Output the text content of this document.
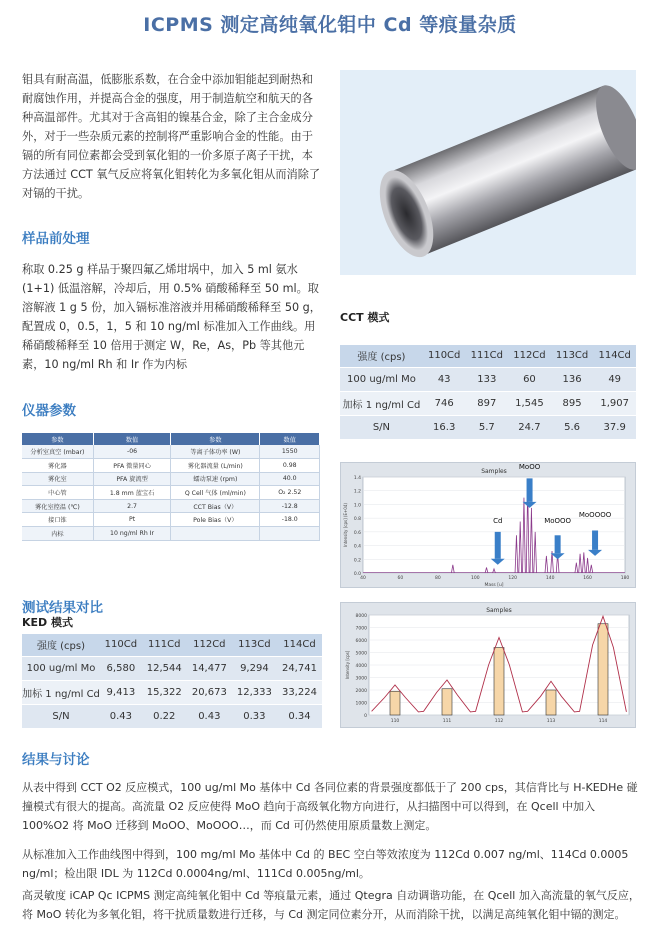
ICPMS 测定高纯氧化钼中 Cd 等痕量杂质
钼具有耐高温，低膨胀系数，在合金中添加钼能起到耐热和耐腐蚀作用，并提高合金的强度，用于制造航空和航天的各种高温部件。尤其对于含高钼的镍基合金，除了主合金成分外，对于一些杂质元素的控制将严重影响合金的性能。由于镉的所有同位素都会受到氧化钼的一价多原子离子干扰，本方法通过 CCT 氧气反应将氧化钼转化为多氧化钼从而消除了对镉的干扰。
样品前处理
称取 0.25 g 样品于聚四氟乙烯坩埚中，加入 5 ml 氨水 (1+1) 低温溶解，冷却后，用 0.5% 硝酸稀释至 50 ml。取溶解液 1 g 5 份，加入镉标准溶液并用稀硝酸稀释至 50 g，配置成 0，0.5，1，5 和 10 ng/ml 标准加入工作曲线。用稀硝酸稀释至 10 倍用于测定 W，Re，As，Pb 等其他元素，10 ng/ml Rh 和 Ir 作为内标
仪器参数
参数	数值	参数	数值
分析室真空 (mbar)	-06	等离子体功率 (W)	1550
雾化器	PFA 微量同心	雾化器流量 (L/min)	0.98
雾化室	PFA 旋流型	蠕动泵速 (rpm)	40.0
中心管	1.8 mm 蓝宝石	Q Cell 气体 (ml/min)	O₂ 2.52
雾化室控温 (℃)	2.7	CCT Bias（V）	-12.8
接口锥	Pt	Pole Bias（V）	-18.0
内标	10 ng/ml Rh Ir		
测试结果对比
KED 模式
强度 (cps)	110Cd	111Cd	112Cd	113Cd	114Cd
100 ug/ml Mo	6,580	12,544	14,477	9,294	24,741
加标 1 ng/ml Cd	9,413	15,322	20,673	12,333	33,224
S/N	0.43	0.22	0.43	0.33	0.34
CCT 模式
强度 (cps)	110Cd	111Cd	112Cd	113Cd	114Cd
100 ug/ml Mo	43	133	60	136	49
加标 1 ng/ml Cd	746	897	1,545	895	1,907
S/N	16.3	5.7	24.7	5.6	37.9
Samples
0.0
0.2
0.4
0.6
0.8
1.0
1.2
1.4
40	60	80	100	120	140	160	180
Mass [u]
Intensity [cps] (E+04)
MoOO
Cd	MoOOO
MoOOOO
Samples
0
1000
2000
3000
4000
5000
6000
7000
8000
110	111	112	113	114
Intensity [cps]
结果与讨论
从表中得到 CCT O2 反应模式，100 ug/ml Mo 基体中 Cd 各同位素的背景强度都低于了 200 cps，其信背比与 H-KEDHe 碰撞模式有很大的提高。高流量 O2 反应使得 MoO 趋向于高级氧化物方向进行，从扫描图中可以得到，在 Qcell 中加入 100%O2 将 MoO 迁移到 MoOO、MoOOO…，而 Cd 可仍然使用原质量数上测定。
从标准加入工作曲线图中得到，100 mg/ml Mo 基体中 Cd 的 BEC 空白等效浓度为 112Cd 0.007 ng/ml、114Cd 0.0005 ng/ml；检出限 IDL 为 112Cd 0.0004ng/ml、111Cd 0.005ng/ml。
高灵敏度 iCAP Qc ICPMS 测定高纯氧化钼中 Cd 等痕量元素，通过 Qtegra 自动调谐功能，在 Qcell 加入高流量的氧气反应，将 MoO 转化为多氧化钼，将干扰质量数进行迁移，与 Cd 测定同位素分开，从而消除干扰，以满足高纯氧化钼中镉的测定。
